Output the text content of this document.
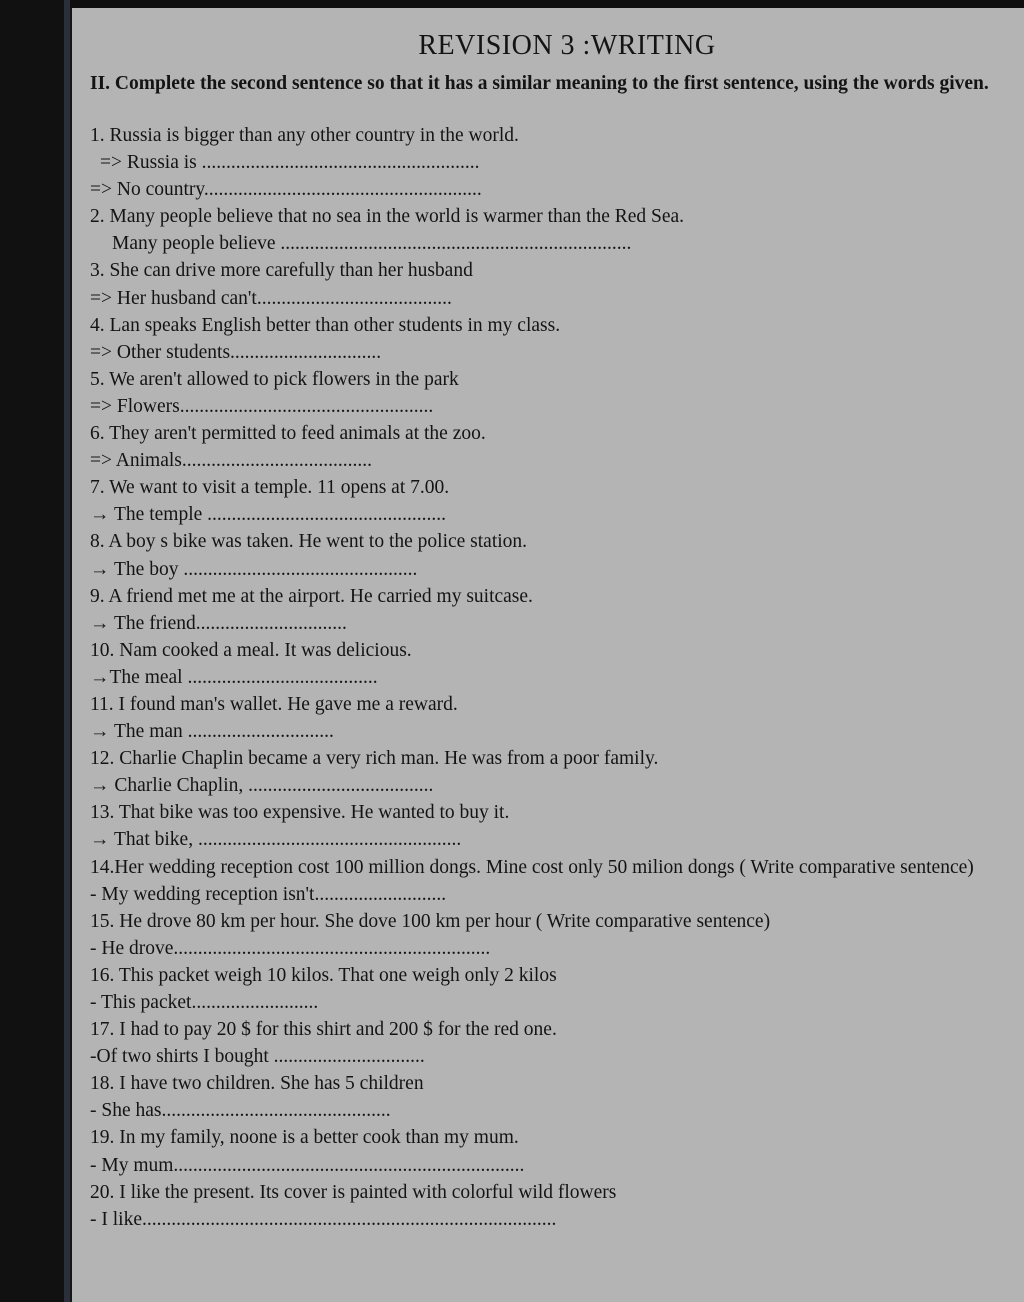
REVISION 3 :WRITING
II. Complete the second sentence so that it has a similar meaning to the first sentence, using the words given.
1. Russia is bigger than any other country in the world.
=> Russia is .........................................................
=> No country.........................................................
2. Many people believe that no sea in the world is warmer than the Red Sea.
Many people believe ........................................................................
3. She can drive more carefully than her husband
=> Her husband can't........................................
4. Lan speaks English better than other students in my class.
=> Other students...............................
5. We aren't allowed to pick flowers in the park
=> Flowers....................................................
6. They aren't permitted to feed animals at the zoo.
=> Animals.......................................
7. We want to visit a temple. 11 opens at 7.00.
→ The temple .................................................
8. A boy s bike was taken. He went to the police station.
→ The boy ................................................
9. A friend met me at the airport. He carried my suitcase.
→ The friend...............................
10. Nam cooked a meal. It was delicious.
→The meal .......................................
11. I found man's wallet. He gave me a reward.
→ The man ..............................
12. Charlie Chaplin became a very rich man. He was from a poor family.
→ Charlie Chaplin, ......................................
13. That bike was too expensive. He wanted to buy it.
→ That bike, ......................................................
14.Her wedding reception cost 100 million dongs. Mine cost only 50 milion dongs ( Write comparative sentence)
- My wedding reception isn't...........................
15. He drove 80 km per hour. She dove 100 km per hour ( Write comparative sentence)
- He drove.................................................................
16. This packet weigh 10 kilos. That one weigh only 2 kilos
- This packet..........................
17. I had to pay 20 $ for this shirt and 200 $ for the red one.
-Of two shirts I bought ...............................
18. I have two children. She has 5 children
- She has...............................................
19. In my family, noone is a better cook than my mum.
- My mum........................................................................
20. I like the present. Its cover is painted with colorful wild flowers
- I like.....................................................................................
